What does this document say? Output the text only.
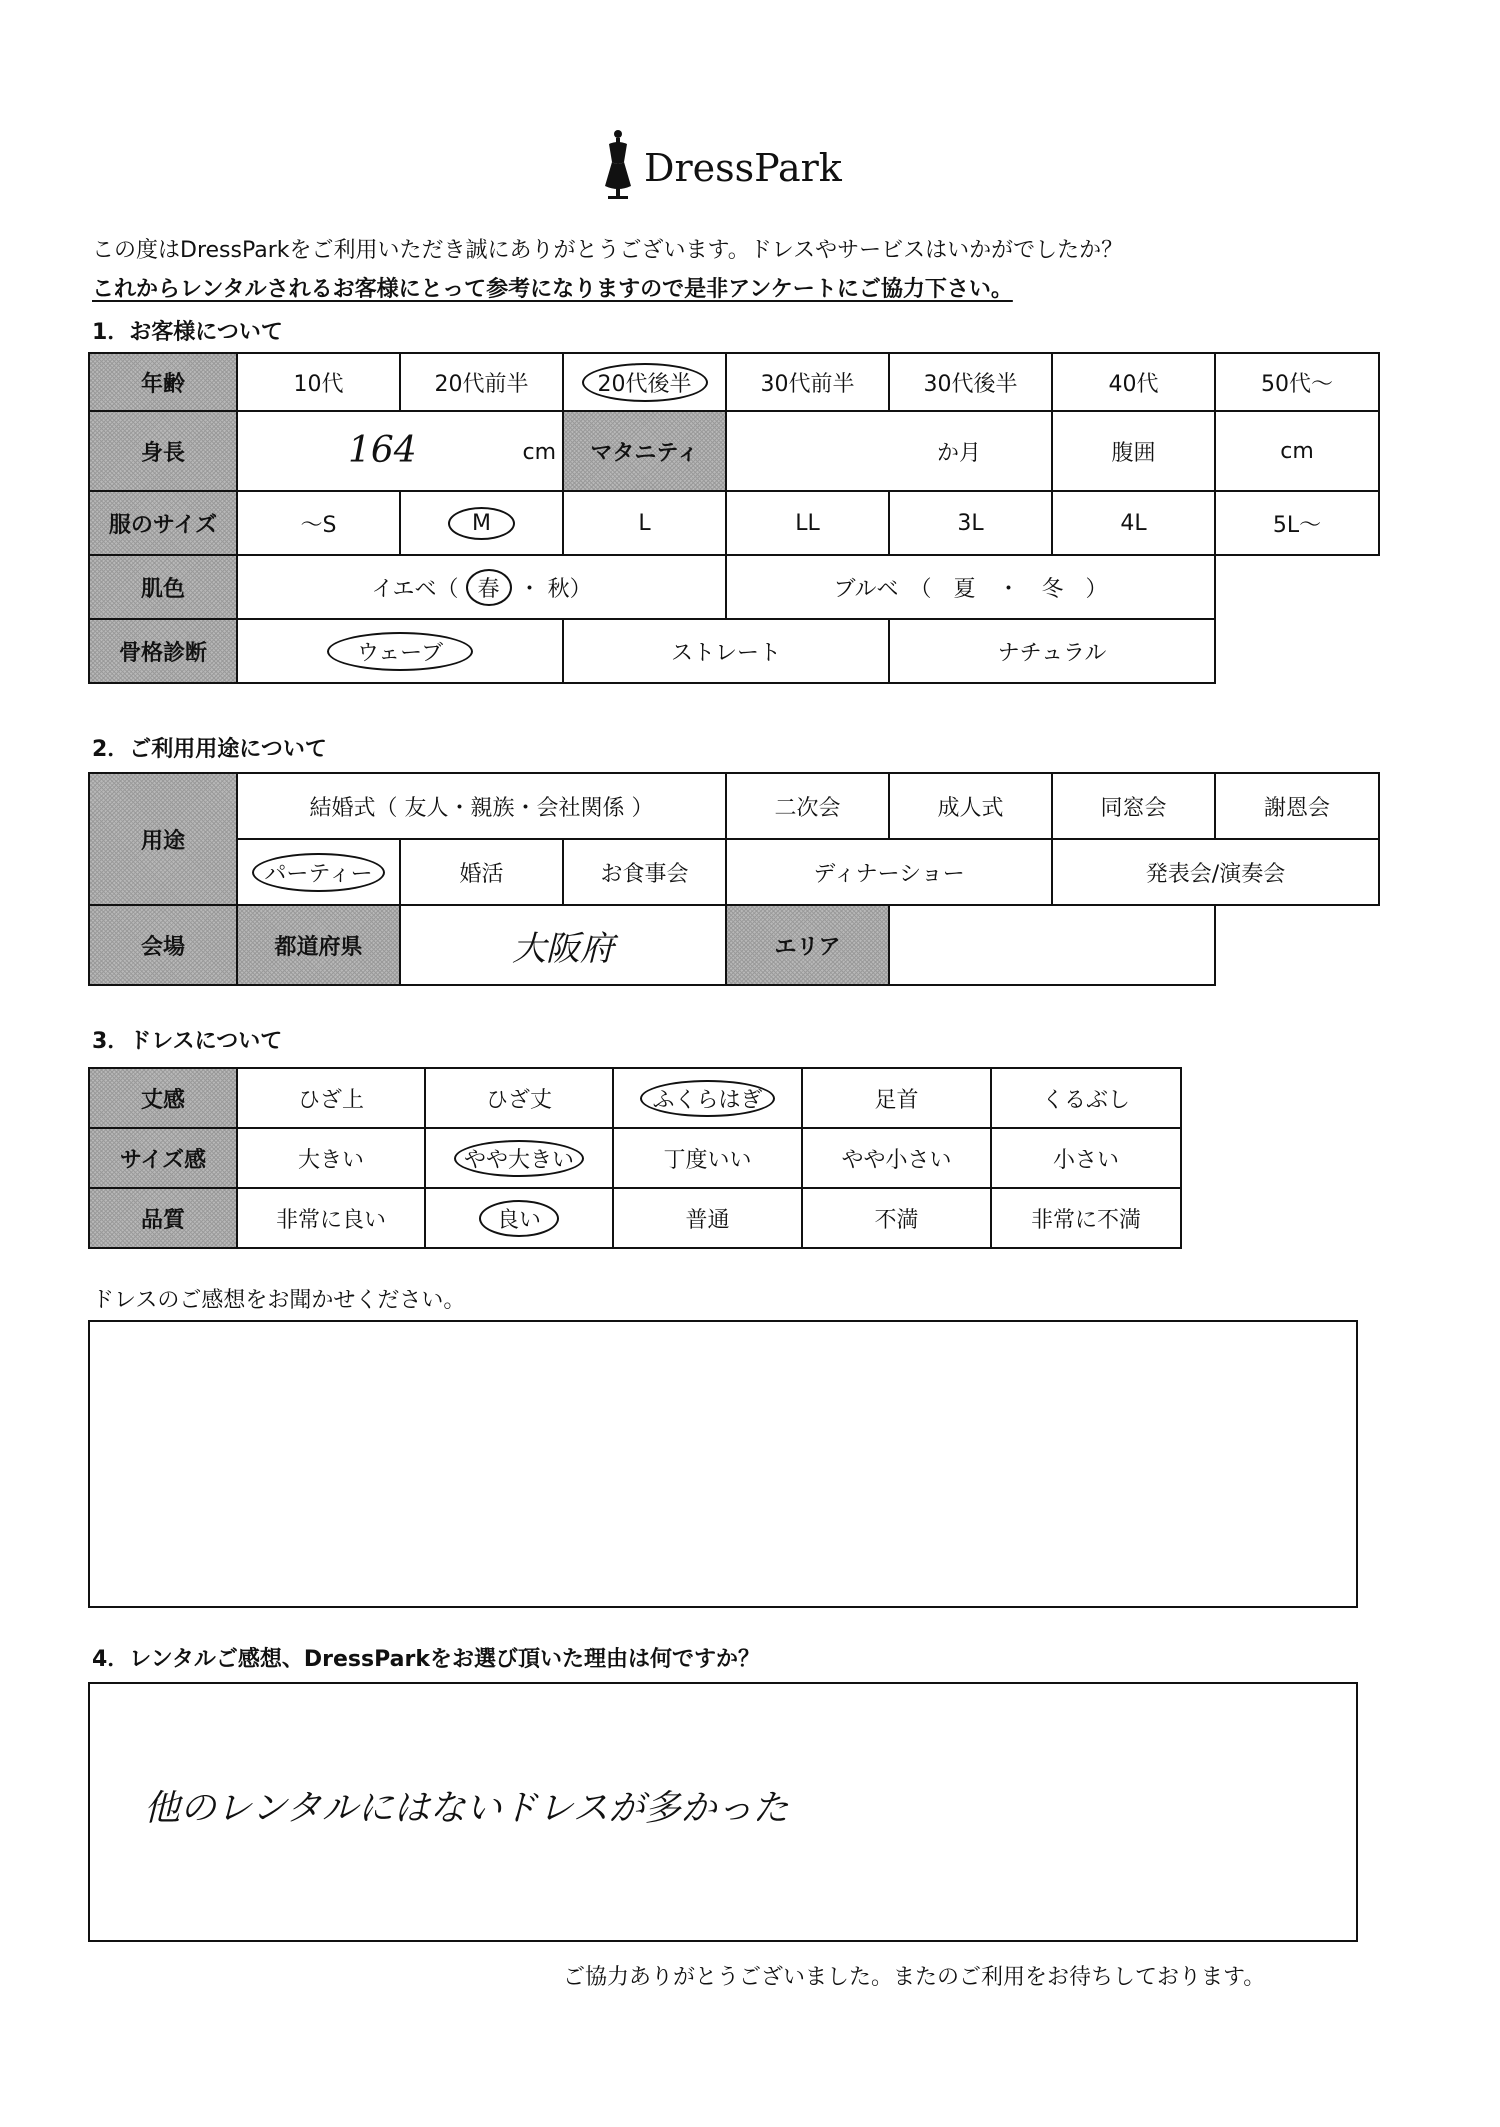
DressPark
この度はDressParkをご利用いただき誠にありがとうございます。ドレスやサービスはいかがでしたか？
これからレンタルされるお客様にとって参考になりますので是非アンケートにご協力下さい。
1．お客様について
年齢	10代	20代前半	20代後半	30代前半	30代後半	40代	50代～
身長	164 cm		マタニティ	か月		腹囲	cm
服のサイズ	～S	M	L	LL	3L	4L	5L～
肌色	イエベ（ 春 ・ 秋）			ブルベ　（　夏　・　冬　）			
骨格診断	ウェーブ		ストレート		ナチュラル		
2．ご利用用途について
用途	結婚式（ 友人・親族・会社関係 ）			二次会	成人式	同窓会	謝恩会
	パーティー	婚活	お食事会	ディナーショー		発表会/演奏会	
会場	都道府県	大阪府		エリア			
3．ドレスについて
丈感	ひざ上	ひざ丈	ふくらはぎ	足首	くるぶし
サイズ感	大きい	やや大きい	丁度いい	やや小さい	小さい
品質	非常に良い	良い	普通	不満	非常に不満
ドレスのご感想をお聞かせください。
4．レンタルご感想、DressParkをお選び頂いた理由は何ですか？
他のレンタルにはないドレスが多かった
ご協力ありがとうございました。またのご利用をお待ちしております。
